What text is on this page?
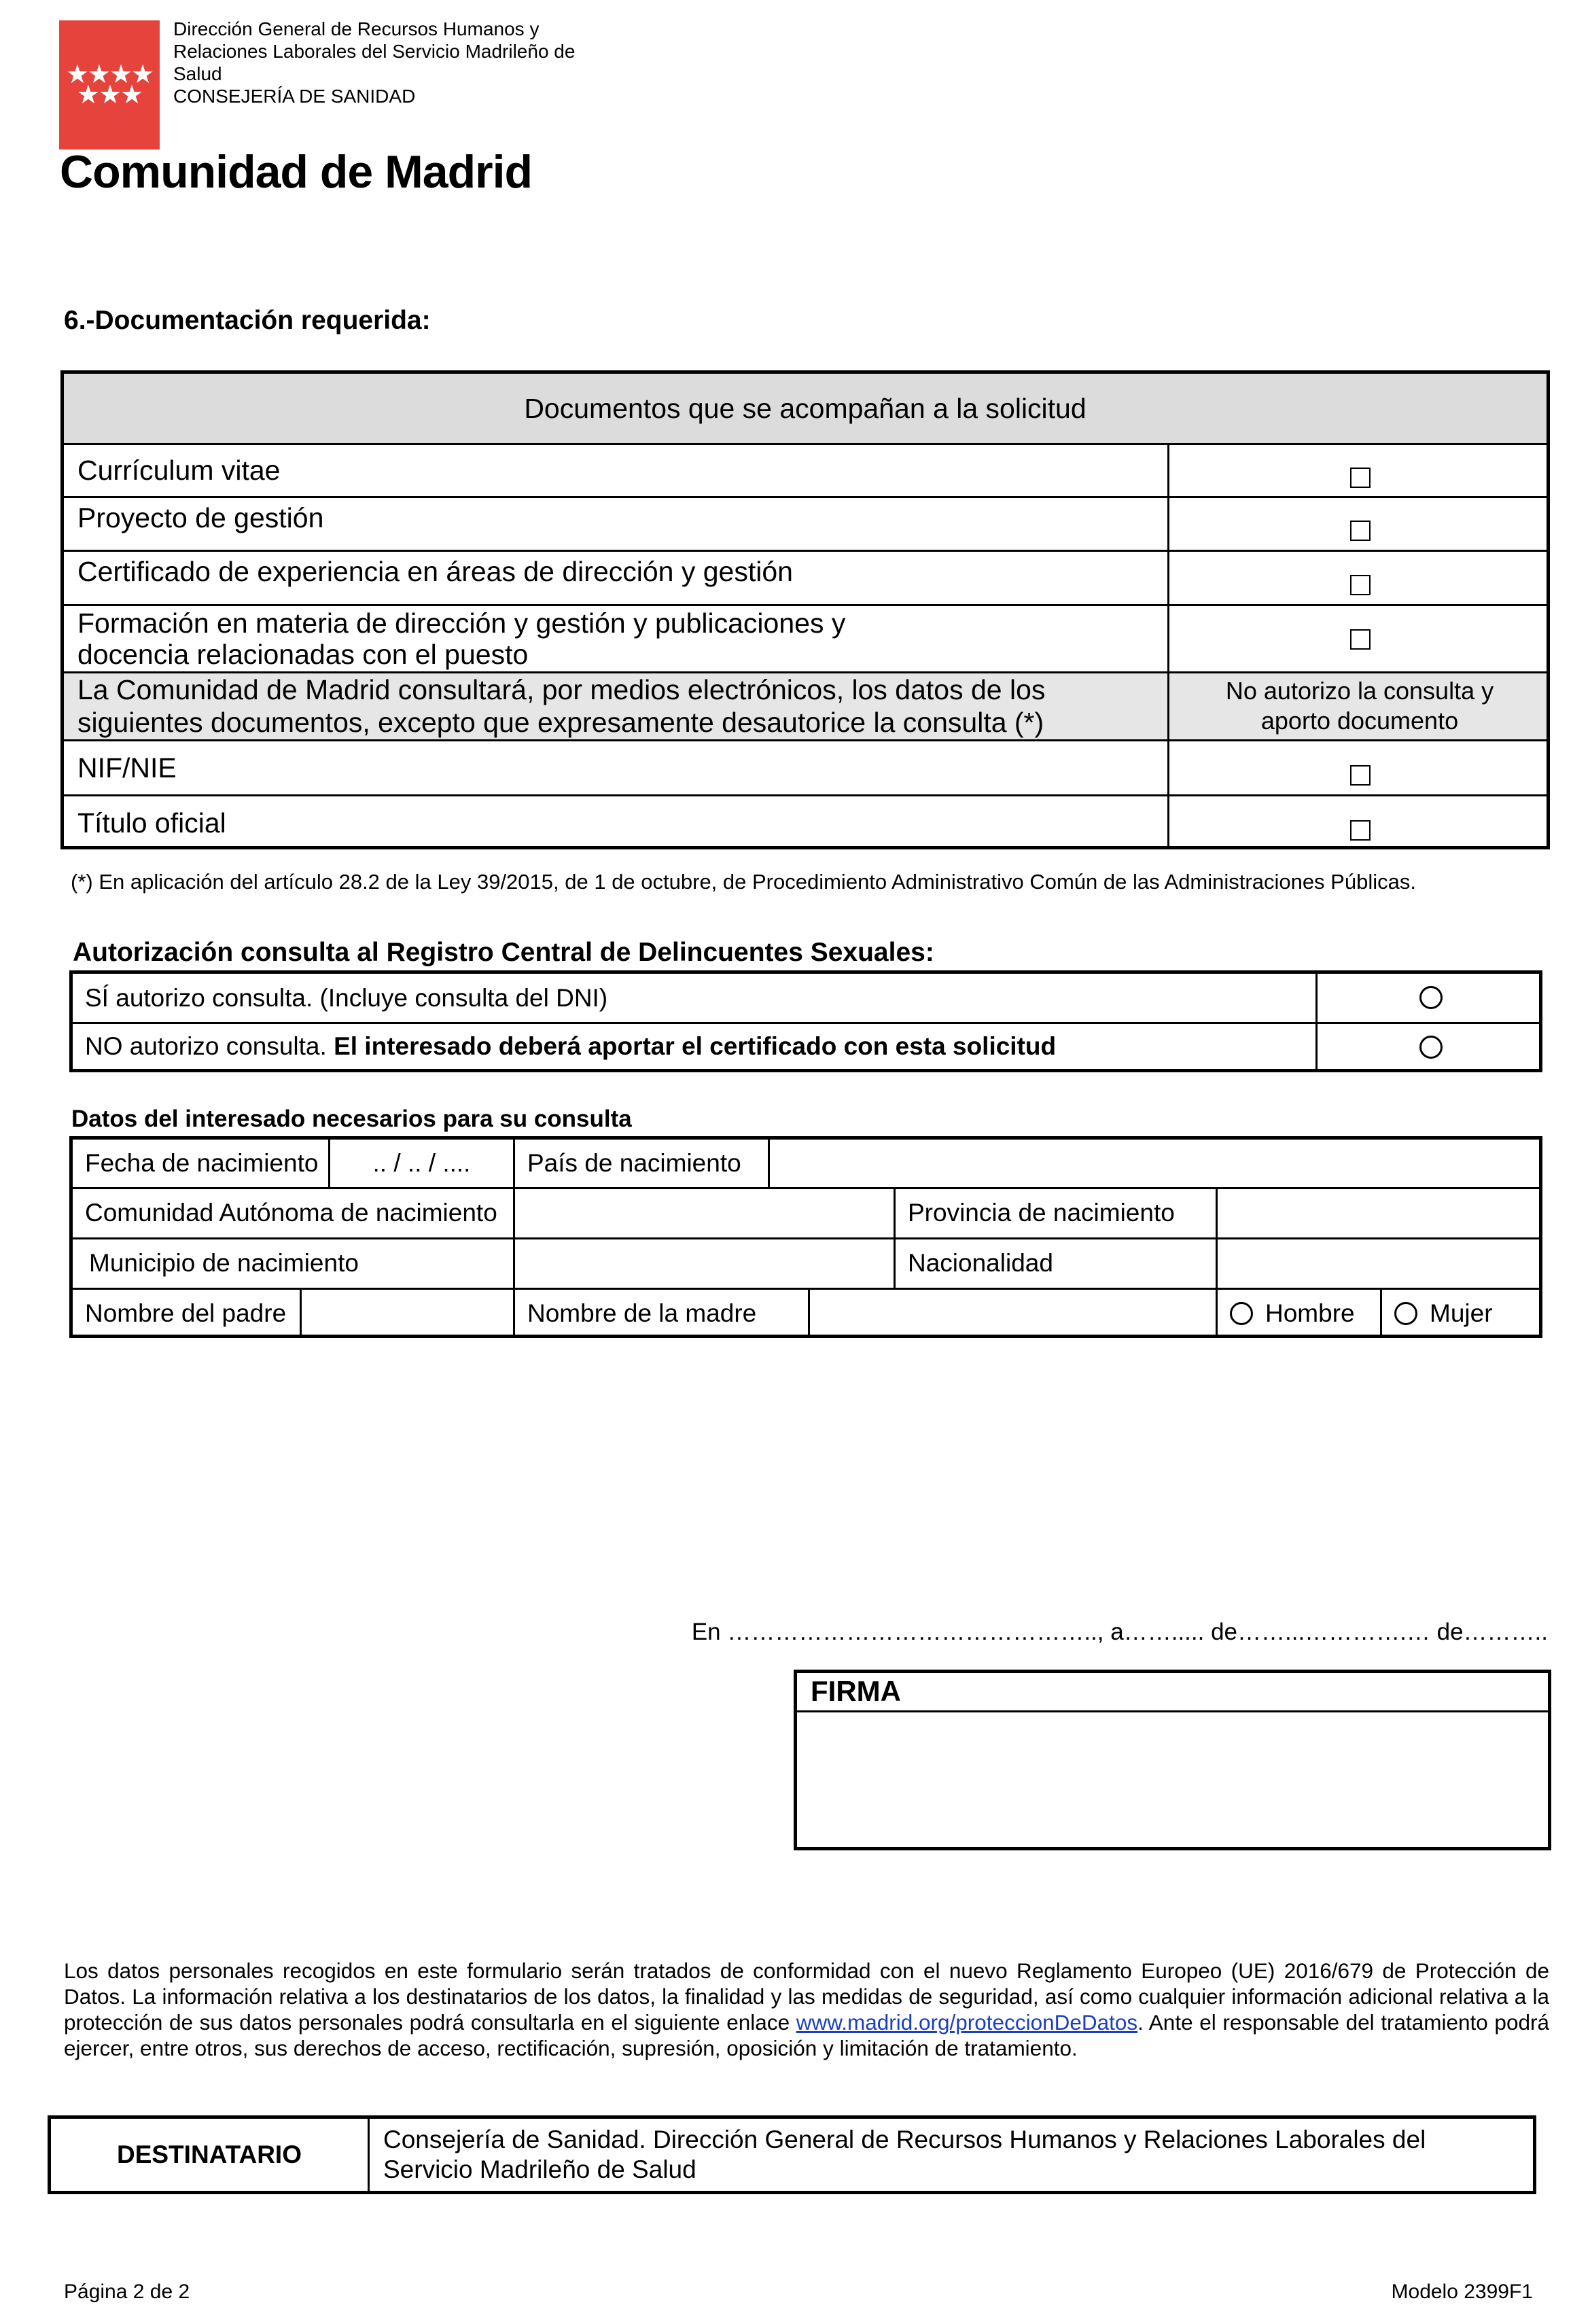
★★★★
★★★
Dirección General de Recursos Humanos y
Relaciones Laborales del Servicio Madrileño de
Salud
CONSEJERÍA DE SANIDAD
Comunidad de Madrid
6.-Documentación requerida:
Documentos que se acompañan a la solicitud
Currículum vitae
Proyecto de gestión
Certificado de experiencia en áreas de dirección y gestión
Formación en materia de dirección y gestión y publicaciones y docencia relacionadas con el puesto
La Comunidad de Madrid consultará, por medios electrónicos, los datos de los siguientes documentos, excepto que expresamente desautorice la consulta (*)
No autorizo la consulta y aporto documento
NIF/NIE
Título oficial
(*) En aplicación del artículo 28.2 de la Ley 39/2015, de 1 de octubre, de Procedimiento Administrativo Común de las Administraciones Públicas.
Autorización consulta al Registro Central de Delincuentes Sexuales:
SÍ autorizo consulta. (Incluye consulta del DNI)
NO autorizo consulta. El interesado deberá aportar el certificado con esta solicitud
Datos del interesado necesarios para su consulta
Fecha de nacimiento	.. / .. / ....	País de nacimiento
Comunidad Autónoma de nacimiento	Provincia de nacimiento
Municipio de nacimiento	Nacionalidad
Nombre del padre	Nombre de la madre	Hombre	Mujer
En ……………………………………….., a……..... de……...………….… de………..
FIRMA
Los datos personales recogidos en este formulario serán tratados de conformidad con el nuevo Reglamento Europeo (UE) 2016/679 de Protección de Datos. La información relativa a los destinatarios de los datos, la finalidad y las medidas de seguridad, así como cualquier información adicional relativa a la protección de sus datos personales podrá consultarla en el siguiente enlace www.madrid.org/proteccionDeDatos. Ante el responsable del tratamiento podrá ejercer, entre otros, sus derechos de acceso, rectificación, supresión, oposición y limitación de tratamiento.
DESTINATARIO
Consejería de Sanidad. Dirección General de Recursos Humanos y Relaciones Laborales del Servicio Madrileño de Salud
Página 2 de 2	Modelo 2399F1
